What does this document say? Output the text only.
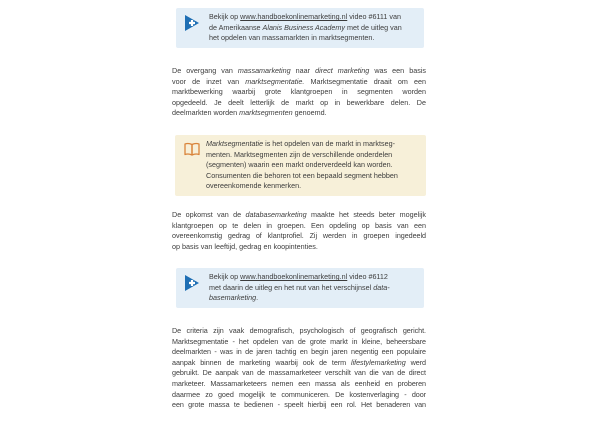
Bekijk op www.handboekonlinemarketing.nl video #6111 van
de Amerikaanse Alanis Business Academy met de uitleg van
het opdelen van massamarkten in marktsegmenten.

De overgang van massamarketing naar direct marketing was een basis

voor de inzet van marktsegmentatie. Marktsegmentatie draait om een

marktbewerking waarbij grote klantgroepen in segmenten worden

opgedeeld. Je deelt letterlijk de markt op in bewerkbare delen. De

deelmarkten worden marktsegmenten genoemd.

Marktsegmentatie is het opdelen van de markt in marktseg-
menten. Marktsegmenten zijn de verschillende onderdelen
(segmenten) waarin een markt onderverdeeld kan worden.
Consumenten die behoren tot een bepaald segment hebben
overeenkomende kenmerken.

De opkomst van de databasemarketing maakte het steeds beter mogelijk

klantgroepen op te delen in groepen. Een opdeling op basis van een

overeenkomstig gedrag of klantprofiel. Zij werden in groepen ingedeeld

op basis van leeftijd, gedrag en koopintenties.

Bekijk op www.handboekonlinemarketing.nl video #6112
met daarin de uitleg en het nut van het verschijnsel data-
basemarketing.

De criteria zijn vaak demografisch, psychologisch of geografisch gericht.

Marktsegmentatie - het opdelen van de grote markt in kleine, beheersbare

deelmarkten - was in de jaren tachtig en begin jaren negentig een populaire

aanpak binnen de marketing waarbij ook de term lifestylemarketing werd

gebruikt. De aanpak van de massamarketeer verschilt van die van de direct

marketeer. Massamarketeers nemen een massa als eenheid en proberen

daarmee zo goed mogelijk te communiceren. De kostenverlaging - door

een grote massa te bedienen - speelt hierbij een rol. Het benaderen van
